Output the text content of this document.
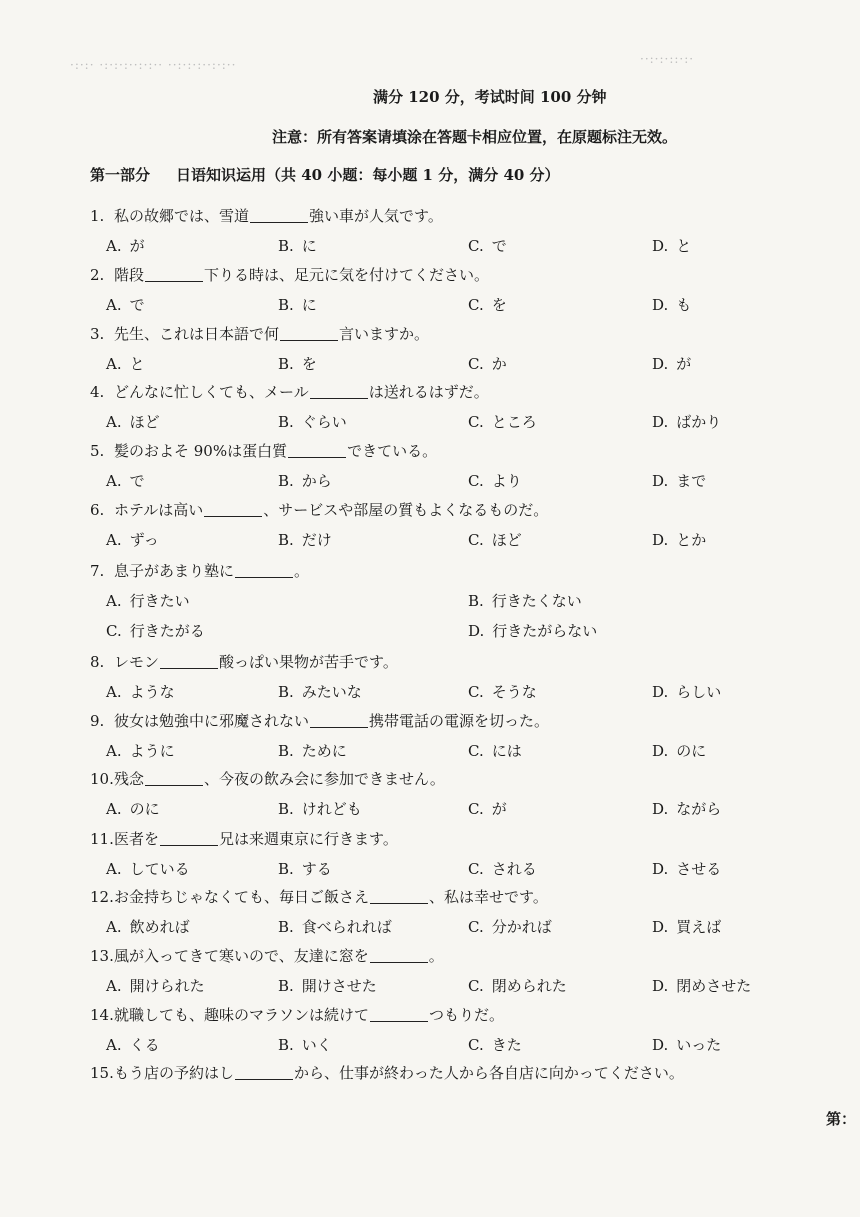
·:·:· ·:·:·:··:·:·· ··:·:·:··:·:··	··:·:·::·:·
满分 120 分，考试时间 100 分钟
注意：所有答案请填涂在答题卡相应位置，在原题标注无效。
第一部分 日语知识运用（共 40 小题：每小题 1 分，满分 40 分）
1. 私の故郷では、雪道	強い車が人気です。
A. が	B. に	C. で	D. と
2. 階段	下りる時は、足元に気を付けてください。
A. で	B. に	C. を	D. も
3. 先生、これは日本語で何	言いますか。
A. と	B. を	C. か	D. が
4. どんなに忙しくても、メール	は送れるはずだ。
A. ほど	B. ぐらい	C. ところ	D. ばかり
5. 髪のおよそ 90%は蛋白質	できている。
A. で	B. から	C. より	D. まで
6. ホテルは高い	、サービスや部屋の質もよくなるものだ。
A. ずっ	B. だけ	C. ほど	D. とか
7. 息子があまり塾に	。
A. 行きたい	B. 行きたくない
C. 行きたがる	D. 行きたがらない
8. レモン	酸っぱい果物が苦手です。
A. ような	B. みたいな	C. そうな	D. らしい
9. 彼女は勉強中に邪魔されない	携帯電話の電源を切った。
A. ように	B. ために	C. には	D. のに
10.残念	、今夜の飲み会に参加できません。
A. のに	B. けれども	C. が	D. ながら
11.医者を	兄は来週東京に行きます。
A. している	B. する	C. される	D. させる
12.お金持ちじゃなくても、毎日ご飯さえ	、私は幸せです。
A. 飲めれば	B. 食べられれば	C. 分かれば	D. 買えば
13.風が入ってきて寒いので、友達に窓を	。
A. 開けられた	B. 開けさせた	C. 閉められた	D. 閉めさせた
14.就職しても、趣味のマラソンは続けて	つもりだ。
A. くる	B. いく	C. きた	D. いった
15.もう店の予約はし	から、仕事が終わった人から各自店に向かってください。
第：
